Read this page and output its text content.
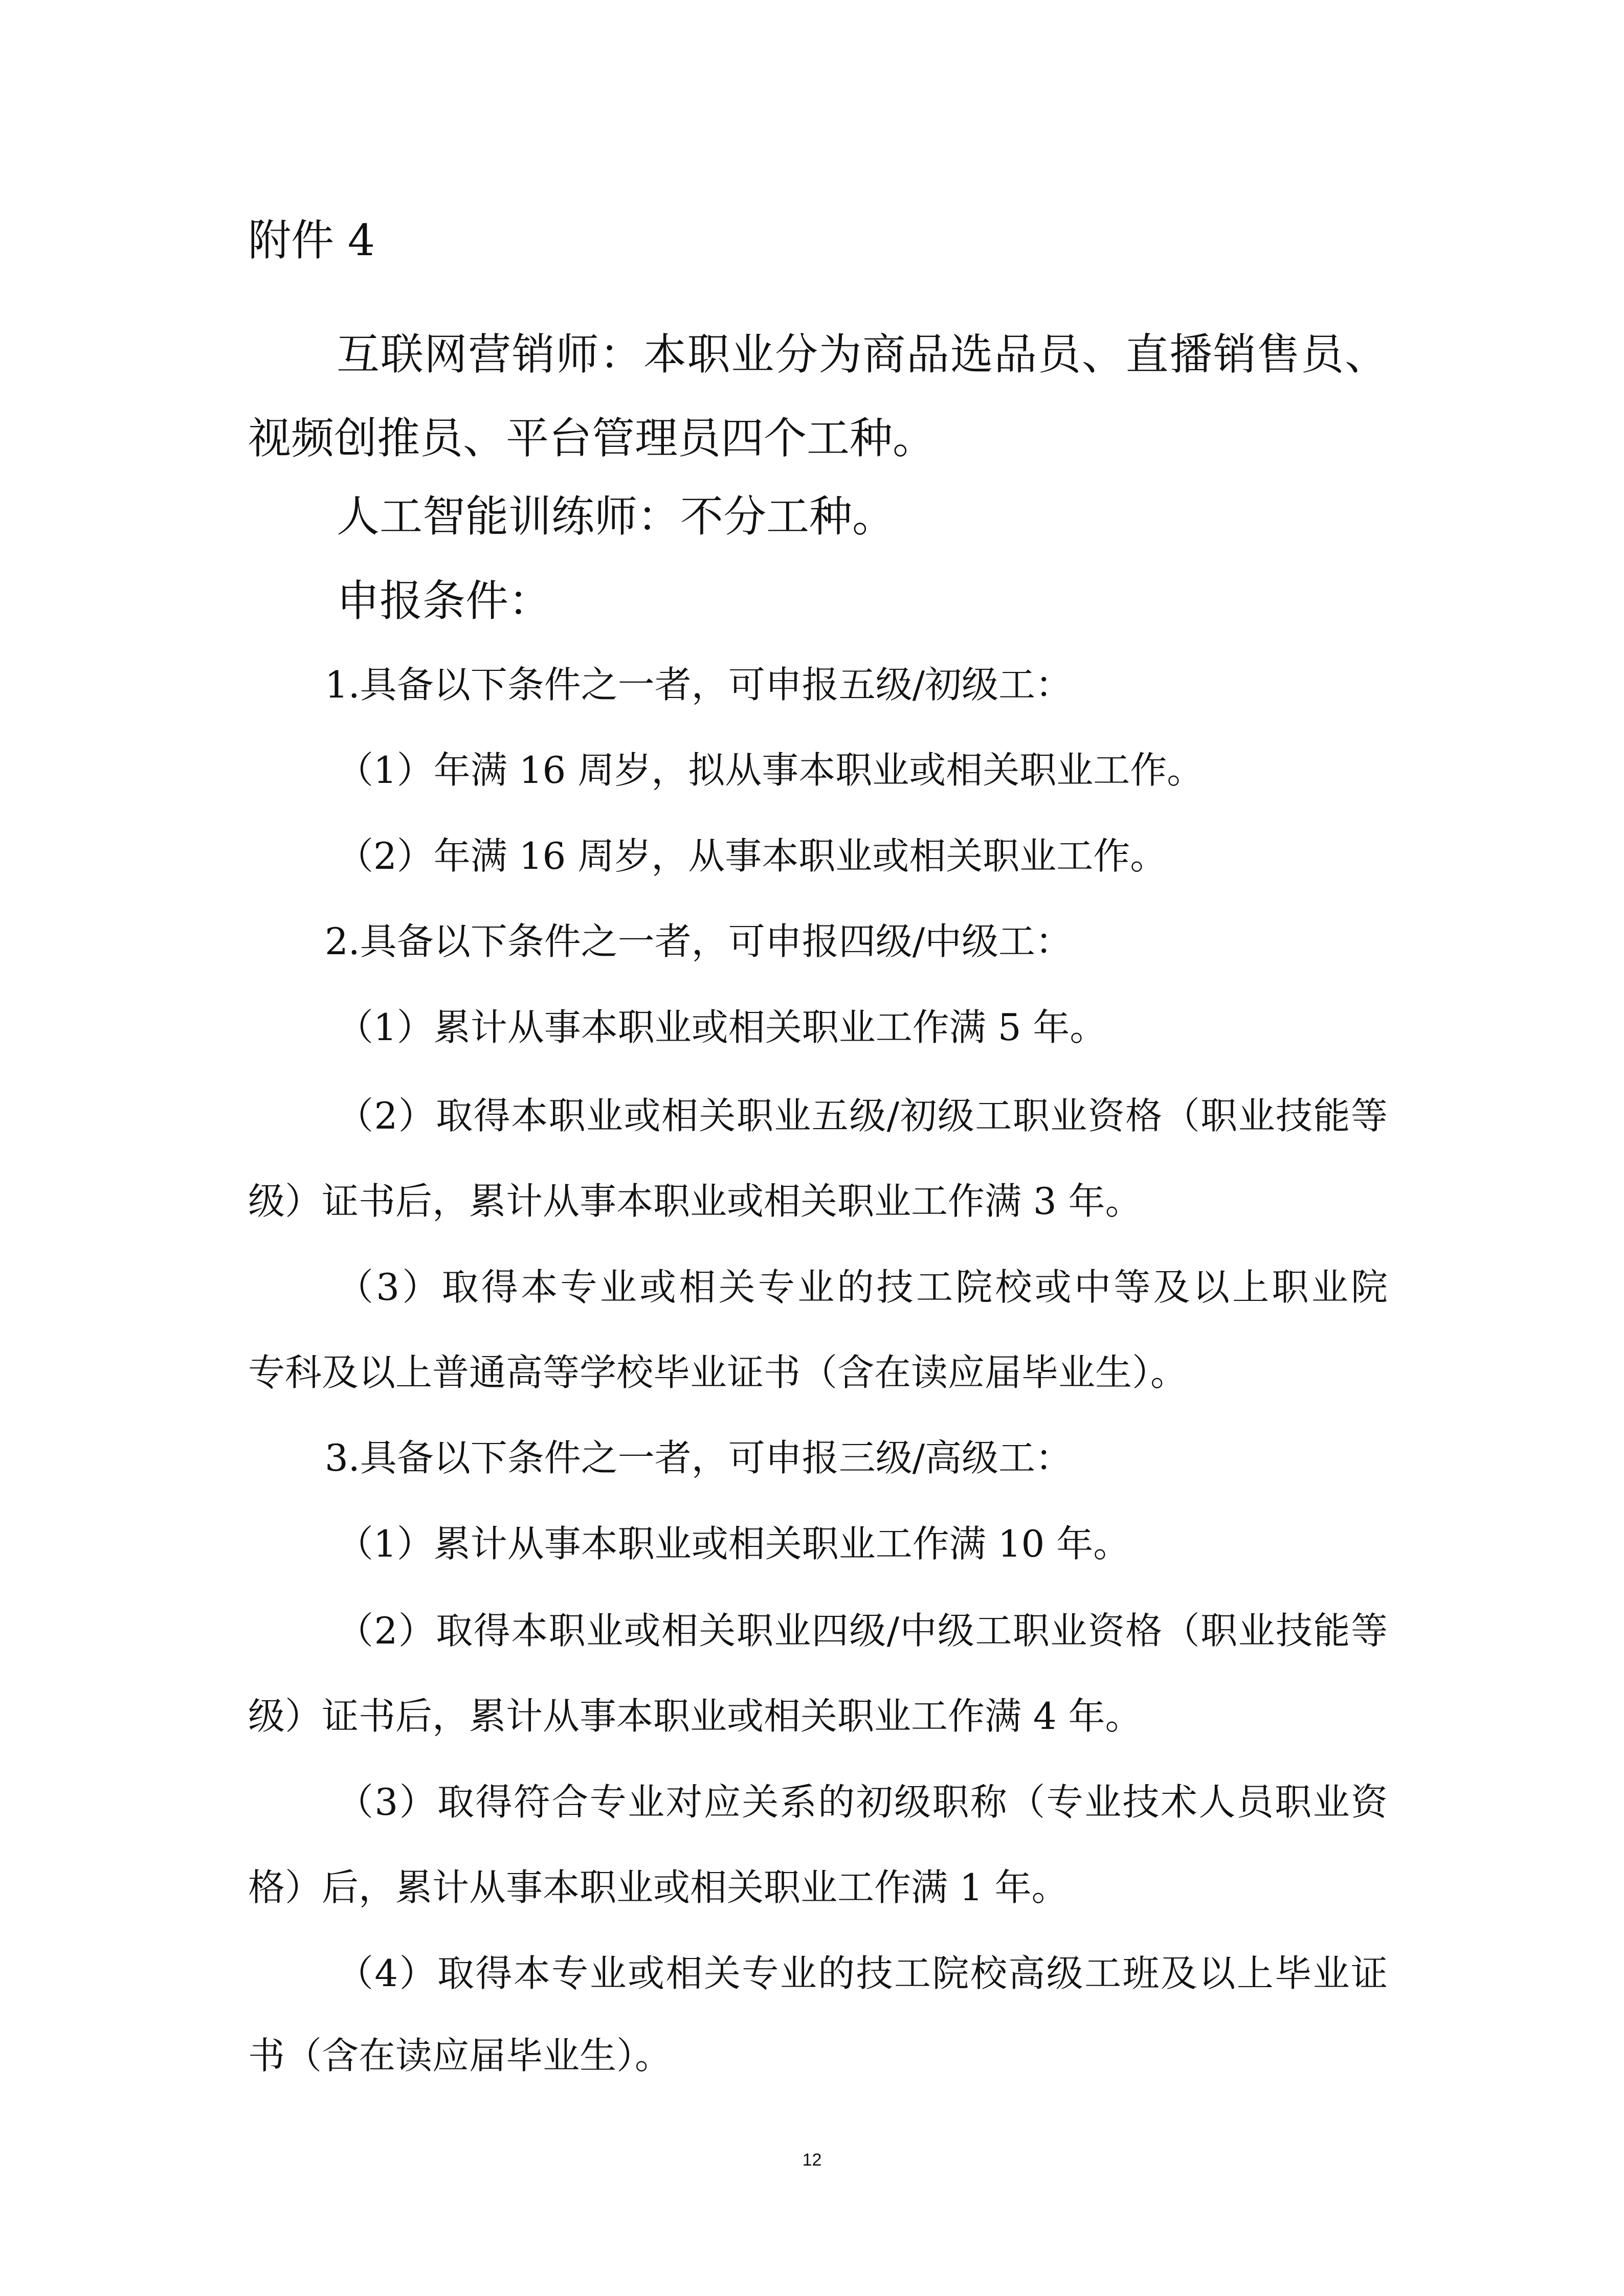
附件 4
互联网营销师：本职业分为商品选品员、直播销售员、
视频创推员、平台管理员四个工种。
人工智能训练师：不分工种。
申报条件：
1.具备以下条件之一者，可申报五级/初级工：
（1）年满 16 周岁，拟从事本职业或相关职业工作。
（2）年满 16 周岁，从事本职业或相关职业工作。
2.具备以下条件之一者，可申报四级/中级工：
（1）累计从事本职业或相关职业工作满 5 年。
（2）取得本职业或相关职业五级/初级工职业资格（职业技能等
级）证书后，累计从事本职业或相关职业工作满 3 年。
（3）取得本专业或相关专业的技工院校或中等及以上职业院
专科及以上普通高等学校毕业证书（含在读应届毕业生）。
3.具备以下条件之一者，可申报三级/高级工：
（1）累计从事本职业或相关职业工作满 10 年。
（2）取得本职业或相关职业四级/中级工职业资格（职业技能等
级）证书后，累计从事本职业或相关职业工作满 4 年。
（3）取得符合专业对应关系的初级职称（专业技术人员职业资
格）后，累计从事本职业或相关职业工作满 1 年。
（4）取得本专业或相关专业的技工院校高级工班及以上毕业证
书（含在读应届毕业生）。
12
